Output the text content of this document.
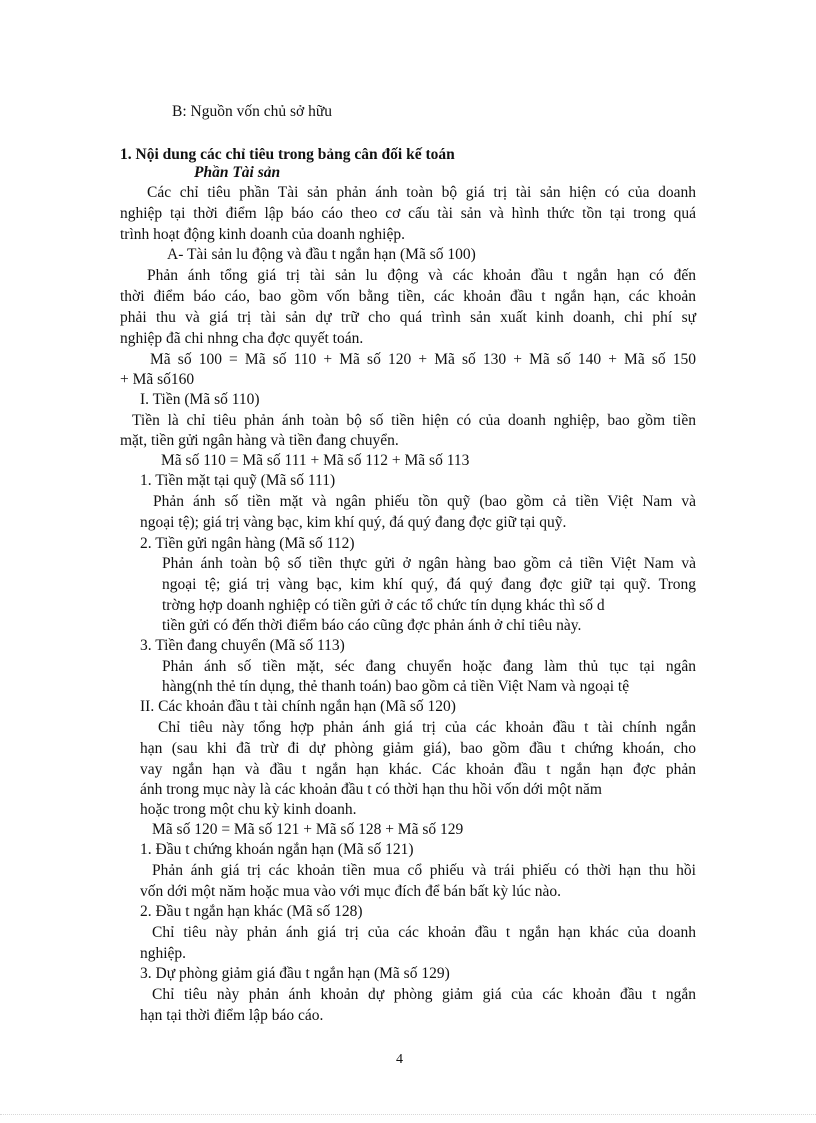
B: Nguồn vốn chủ sở hữu
1. Nội dung các chỉ tiêu trong bảng cân đối kế toán
Phần Tài sản
Các chỉ tiêu phần Tài sản phản ánh toàn bộ giá trị tài sản hiện có của doanh
nghiệp tại thời điểm lập báo cáo theo cơ cấu tài sản và hình thức tồn tại trong quá
trình hoạt động kinh doanh của doanh nghiệp.
A- Tài sản lu động và đầu t ngắn hạn (Mã số 100)
Phản ánh tổng giá trị tài sản lu động và các khoản đầu t ngắn hạn có đến
thời điểm báo cáo, bao gồm vốn bằng tiền, các khoản đầu t ngắn hạn, các khoản
phải thu và giá trị tài sản dự trữ cho quá trình sản xuất kinh doanh, chi phí sự
nghiệp đã chi nhng cha đợc quyết toán.
Mã số 100 = Mã số 110 + Mã số 120 + Mã số 130 + Mã số 140 + Mã số 150
+ Mã số160
I. Tiền (Mã số 110)
Tiền là chỉ tiêu phản ánh toàn bộ số tiền hiện có của doanh nghiệp, bao gồm tiền
mặt, tiền gửi ngân hàng và tiền đang chuyển.
Mã số 110 = Mã số 111 + Mã số 112 + Mã số 113
1. Tiền mặt tại quỹ (Mã số 111)
Phản ánh số tiền mặt và ngân phiếu tồn quỹ (bao gồm cả tiền Việt Nam và
ngoại tệ); giá trị vàng bạc, kim khí quý, đá quý đang đợc giữ tại quỹ.
2. Tiền gửi ngân hàng (Mã số 112)
Phản ánh toàn bộ số tiền thực gửi ở ngân hàng bao gồm cả tiền Việt Nam và
ngoại tệ; giá trị vàng bạc, kim khí quý, đá quý đang đợc giữ tại quỹ. Trong
trờng hợp doanh nghiệp có tiền gửi ở các tổ chức tín dụng khác thì số d
tiền gửi có đến thời điểm báo cáo cũng đợc phản ánh ở chỉ tiêu này.
3. Tiền đang chuyển (Mã số 113)
Phản ánh số tiền mặt, séc đang chuyển hoặc đang làm thủ tục tại ngân
hàng(nh thẻ tín dụng, thẻ thanh toán) bao gồm cả tiền Việt Nam và ngoại tệ
II. Các khoản đầu t tài chính ngắn hạn (Mã số 120)
Chỉ tiêu này tổng hợp phản ánh giá trị của các khoản đầu t tài chính ngắn
hạn (sau khi đã trừ đi dự phòng giảm giá), bao gồm đầu t chứng khoán, cho
vay ngắn hạn và đầu t ngắn hạn khác. Các khoản đầu t ngắn hạn đợc phản
ánh trong mục này là các khoản đầu t có thời hạn thu hồi vốn dới một năm
hoặc trong một chu kỳ kinh doanh.
Mã số 120 = Mã số 121 + Mã số 128 + Mã số 129
1. Đầu t chứng khoán ngắn hạn (Mã số 121)
Phản ánh giá trị các khoản tiền mua cổ phiếu và trái phiếu có thời hạn thu hồi
vốn dới một năm hoặc mua vào với mục đích để bán bất kỳ lúc nào.
2. Đầu t ngắn hạn khác (Mã số 128)
Chỉ tiêu này phản ánh giá trị của các khoản đầu t ngắn hạn khác của doanh
nghiệp.
3. Dự phòng giảm giá đầu t ngắn hạn (Mã số 129)
Chỉ tiêu này phản ánh khoản dự phòng giảm giá của các khoản đầu t ngắn
hạn tại thời điểm lập báo cáo.
4
